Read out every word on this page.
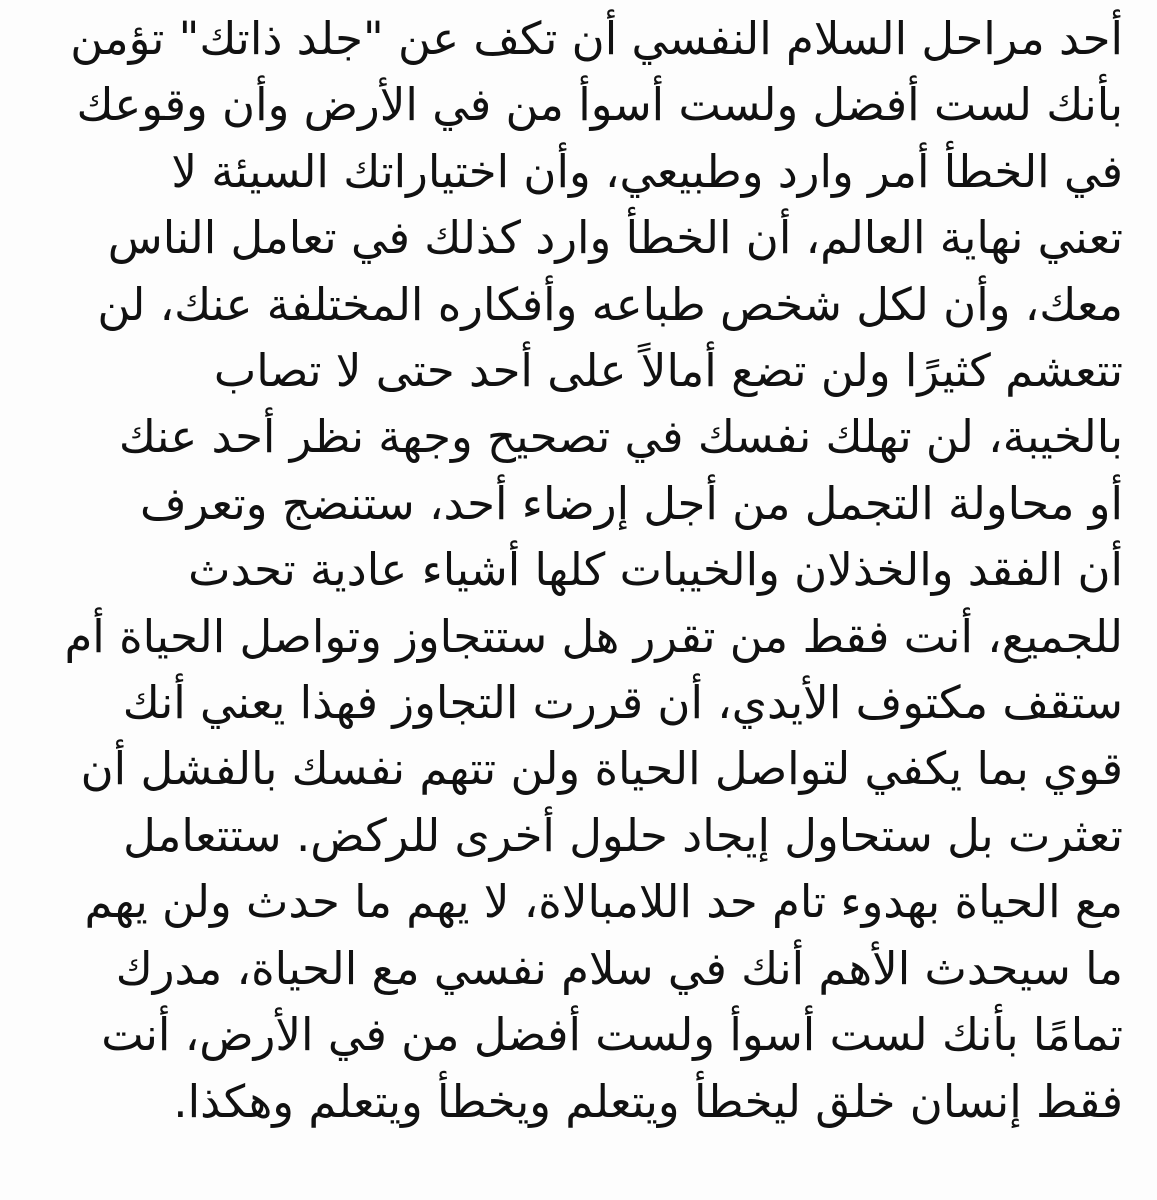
أحد مراحل السلام النفسي أن تكف عن "جلد ذاتك" تؤمن
بأنك لست أفضل ولست أسوأ من في الأرض وأن وقوعك
في الخطأ أمر وارد وطبيعي، وأن اختياراتك السيئة لا
تعني نهاية العالم، أن الخطأ وارد كذلك في تعامل الناس
معك، وأن لكل شخص طباعه وأفكاره المختلفة عنك، لن
تتعشم كثيرًا ولن تضع أمالاً على أحد حتى لا تصاب
بالخيبة، لن تهلك نفسك في تصحيح وجهة نظر أحد عنك
أو محاولة التجمل من أجل إرضاء أحد، ستنضج وتعرف
أن الفقد والخذلان والخيبات كلها أشياء عادية تحدث
للجميع، أنت فقط من تقرر هل ستتجاوز وتواصل الحياة أم
ستقف مكتوف الأيدي، أن قررت التجاوز فهذا يعني أنك
قوي بما يكفي لتواصل الحياة ولن تتهم نفسك بالفشل أن
تعثرت بل ستحاول إيجاد حلول أخرى للركض. ستتعامل
مع الحياة بهدوء تام حد اللامبالاة، لا يهم ما حدث ولن يهم
ما سيحدث الأهم أنك في سلام نفسي مع الحياة، مدرك
تمامًا بأنك لست أسوأ ولست أفضل من في الأرض، أنت
فقط إنسان خلق ليخطأ ويتعلم ويخطأ ويتعلم وهكذا.
